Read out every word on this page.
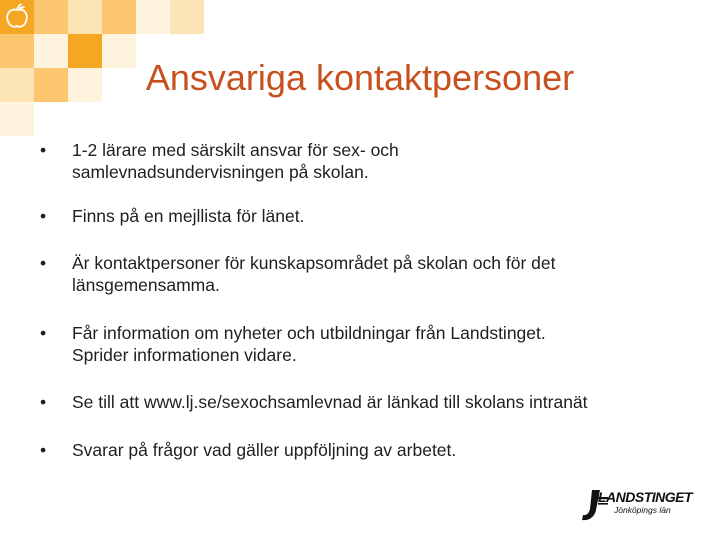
Ansvariga kontaktpersoner
• 1-2 lärare med särskilt ansvar för sex- och
samlevnadsundervisningen på skolan.
• Finns på en mejllista för länet.
• Är kontaktpersoner för kunskapsområdet på skolan och för det
länsgemensamma.
• Får information om nyheter och utbildningar från Landstinget.
Sprider informationen vidare.
• Se till att www.lj.se/sexochsamlevnad är länkad till skolans intranät
• Svarar på frågor vad gäller uppföljning av arbetet.
LANDSTINGET
Jönköpings län
